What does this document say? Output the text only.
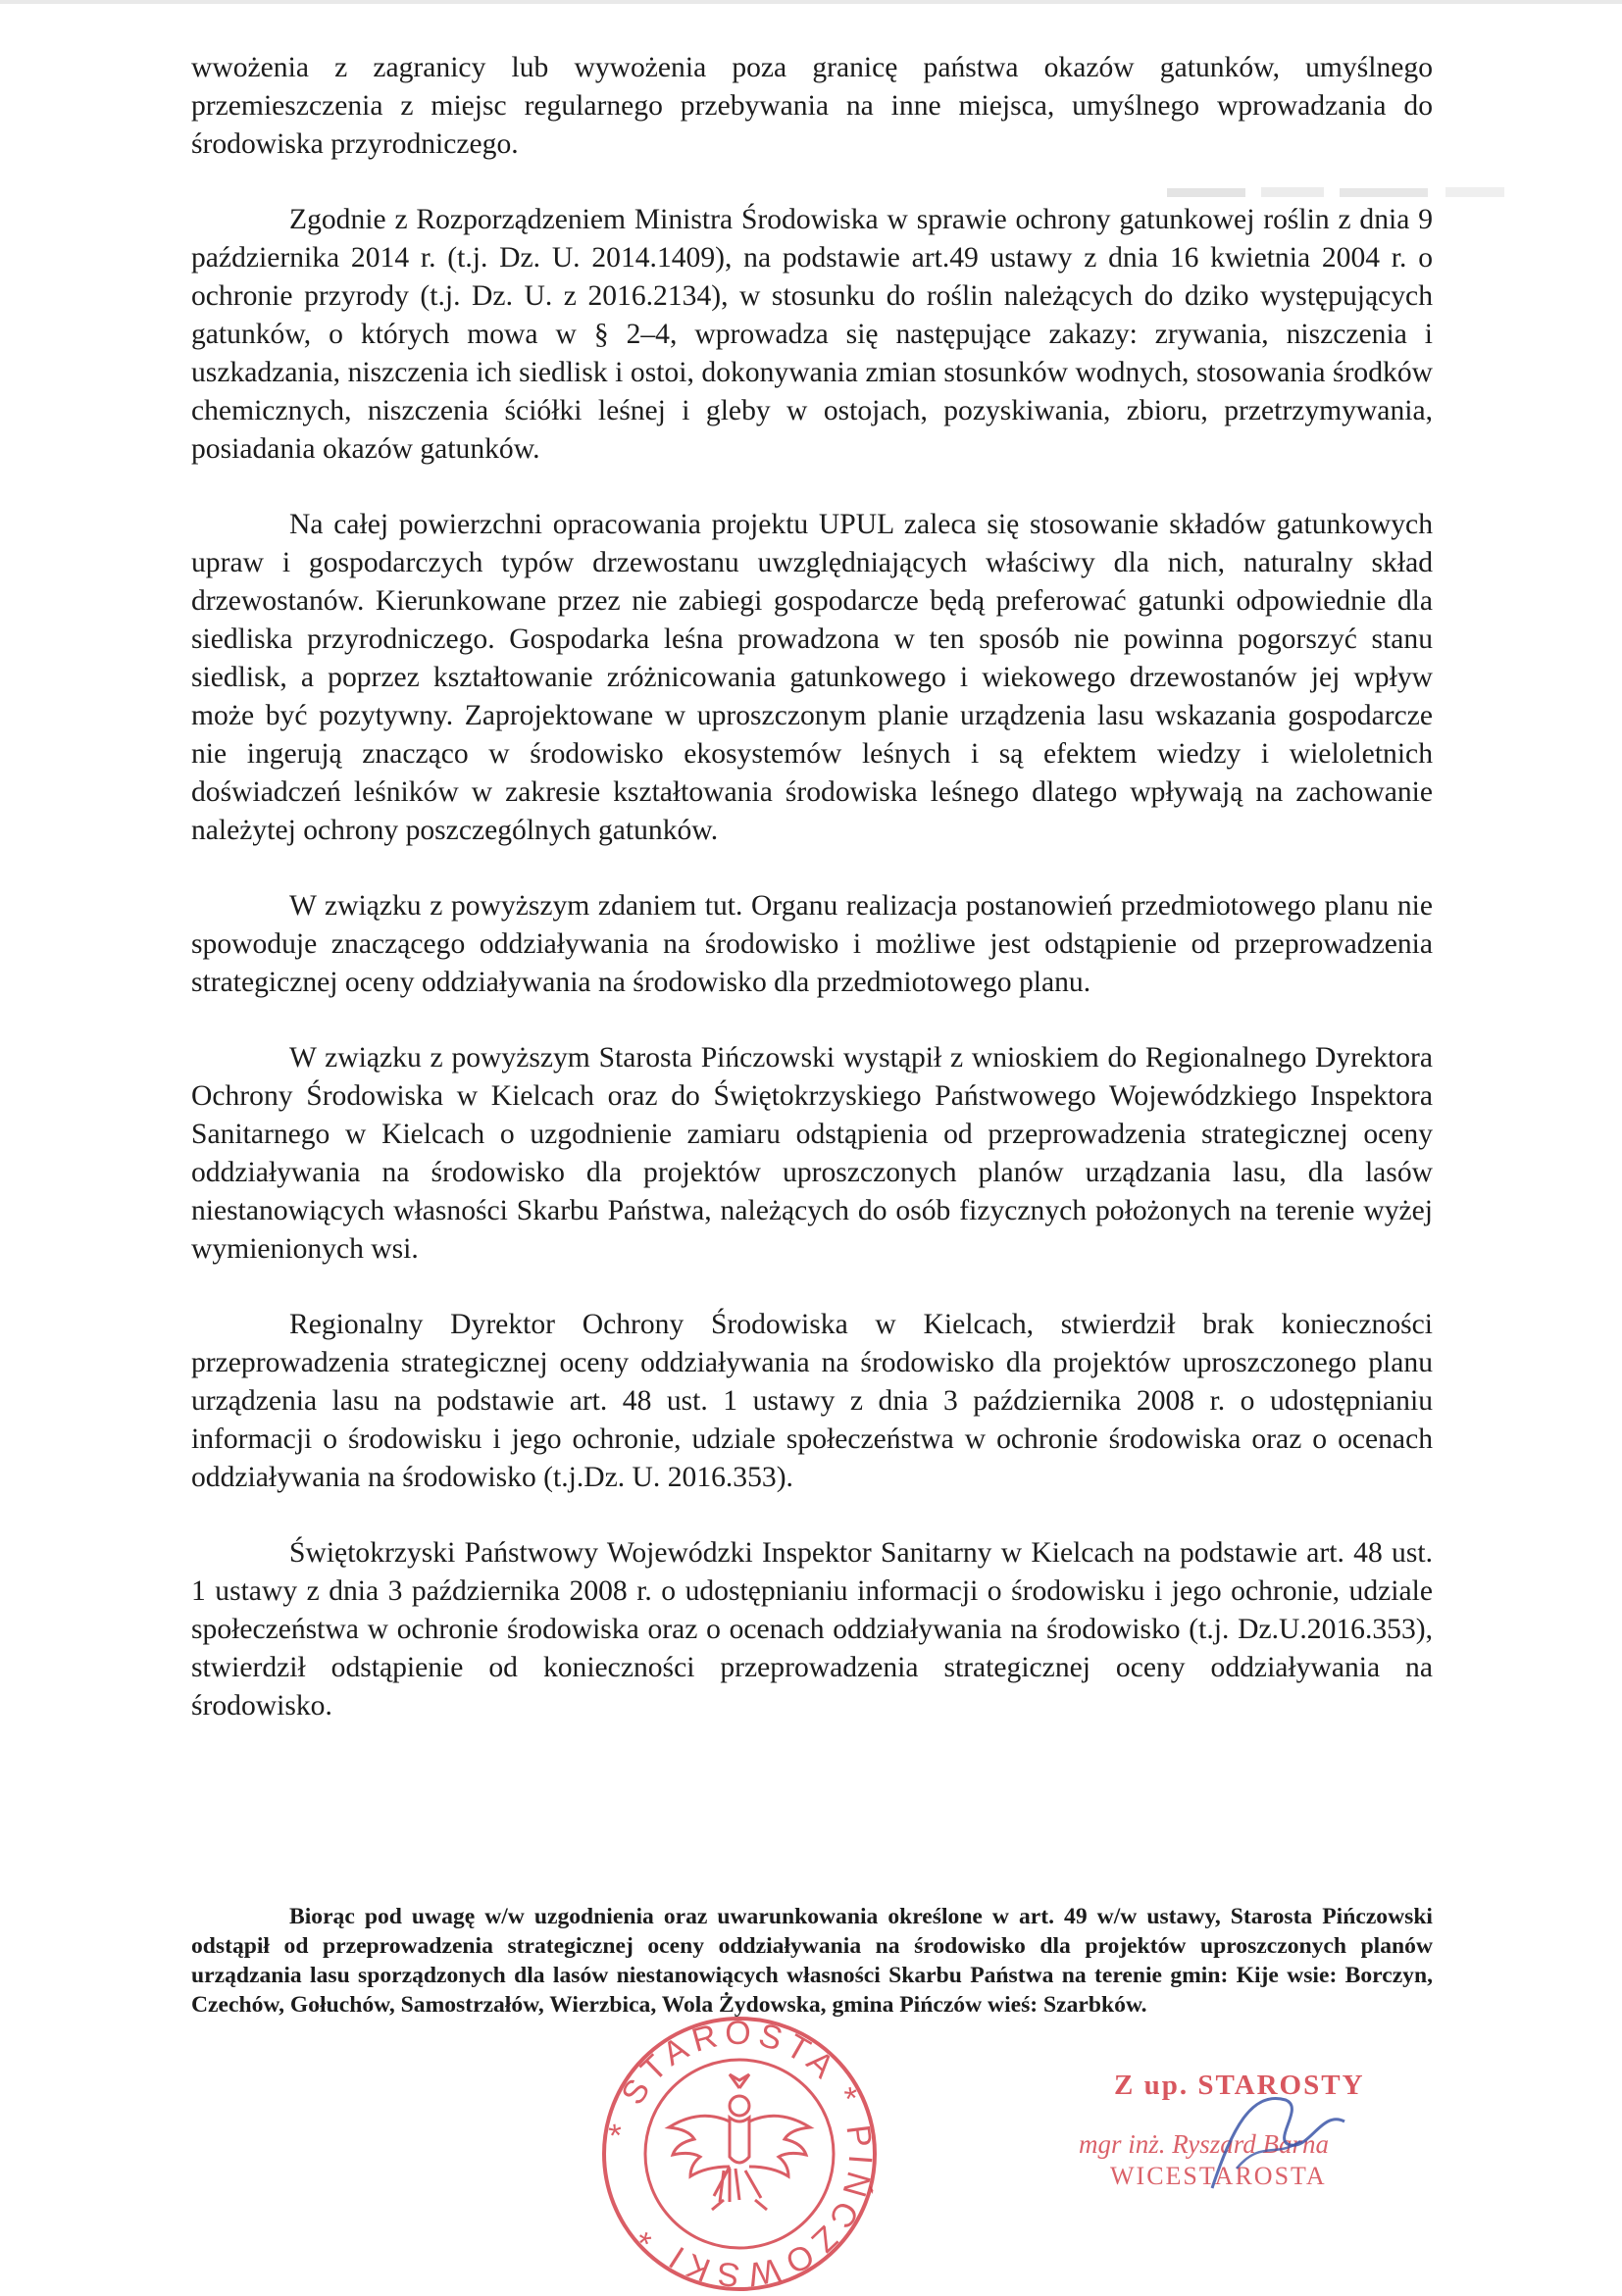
wwożenia z zagranicy lub wywożenia poza granicę państwa okazów gatunków, umyślnego przemieszczenia z miejsc regularnego przebywania na inne miejsca, umyślnego wprowadzania do środowiska przyrodniczego.

Zgodnie z Rozporządzeniem Ministra Środowiska w sprawie ochrony gatunkowej roślin z dnia 9 października 2014 r. (t.j. Dz. U. 2014.1409), na podstawie art.49 ustawy z dnia 16 kwietnia 2004 r. o ochronie przyrody (t.j. Dz. U. z 2016.2134), w stosunku do roślin należących do dziko występujących gatunków, o których mowa w § 2–4, wprowadza się następujące zakazy: zrywania, niszczenia i uszkadzania, niszczenia ich siedlisk i ostoi, dokonywania zmian stosunków wodnych, stosowania środków chemicznych, niszczenia ściółki leśnej i gleby w ostojach, pozyskiwania, zbioru, przetrzymywania, posiadania okazów gatunków.

Na całej powierzchni opracowania projektu UPUL zaleca się stosowanie składów gatunkowych upraw i gospodarczych typów drzewostanu uwzględniających właściwy dla nich, naturalny skład drzewostanów. Kierunkowane przez nie zabiegi gospodarcze będą preferować gatunki odpowiednie dla siedliska przyrodniczego. Gospodarka leśna prowadzona w ten sposób nie powinna pogorszyć stanu siedlisk, a poprzez kształtowanie zróżnicowania gatunkowego i wiekowego drzewostanów jej wpływ może być pozytywny. Zaprojektowane w uproszczonym planie urządzenia lasu wskazania gospodarcze nie ingerują znacząco w środowisko ekosystemów leśnych i są efektem wiedzy i wieloletnich doświadczeń leśników w zakresie kształtowania środowiska leśnego dlatego wpływają na zachowanie należytej ochrony poszczególnych gatunków.

W związku z powyższym zdaniem tut. Organu realizacja postanowień przedmiotowego planu nie spowoduje znaczącego oddziaływania na środowisko i możliwe jest odstąpienie od przeprowadzenia strategicznej oceny oddziaływania na środowisko dla przedmiotowego planu.

W związku z powyższym Starosta Pińczowski wystąpił z wnioskiem do Regionalnego Dyrektora Ochrony Środowiska w Kielcach oraz do Świętokrzyskiego Państwowego Wojewódzkiego Inspektora Sanitarnego w Kielcach o uzgodnienie zamiaru odstąpienia od przeprowadzenia strategicznej oceny oddziaływania na środowisko dla projektów uproszczonych planów urządzania lasu, dla lasów niestanowiących własności Skarbu Państwa, należących do osób fizycznych położonych na terenie wyżej wymienionych wsi.

Regionalny Dyrektor Ochrony Środowiska w Kielcach, stwierdził brak konieczności przeprowadzenia strategicznej oceny oddziaływania na środowisko dla projektów uproszczonego planu urządzenia lasu na podstawie art. 48 ust. 1 ustawy z dnia 3 października 2008 r. o udostępnianiu informacji o środowisku i jego ochronie, udziale społeczeństwa w ochronie środowiska oraz o ocenach oddziaływania na środowisko (t.j.Dz. U. 2016.353).

Świętokrzyski Państwowy Wojewódzki Inspektor Sanitarny w Kielcach na podstawie art. 48 ust. 1 ustawy z dnia 3 października 2008 r. o udostępnianiu informacji o środowisku i jego ochronie, udziale społeczeństwa w ochronie środowiska oraz o ocenach oddziaływania na środowisko (t.j. Dz.U.2016.353), stwierdził odstąpienie od konieczności przeprowadzenia strategicznej oceny oddziaływania na środowisko.

Biorąc pod uwagę w/w uzgodnienia oraz uwarunkowania określone w art. 49 w/w ustawy, Starosta Pińczowski odstąpił od przeprowadzenia strategicznej oceny oddziaływania na środowisko dla projektów uproszczonych planów urządzania lasu sporządzonych dla lasów niestanowiących własności Skarbu Państwa na terenie gmin: Kije wsie: Borczyn, Czechów, Gołuchów, Samostrzałów, Wierzbica, Wola Żydowska, gmina Pińczów wieś: Szarbków.

* STAROSTA * PIŃCZOWSKI *
Z up. STAROSTY
mgr inż. Ryszard Barna
WICESTAROSTA
